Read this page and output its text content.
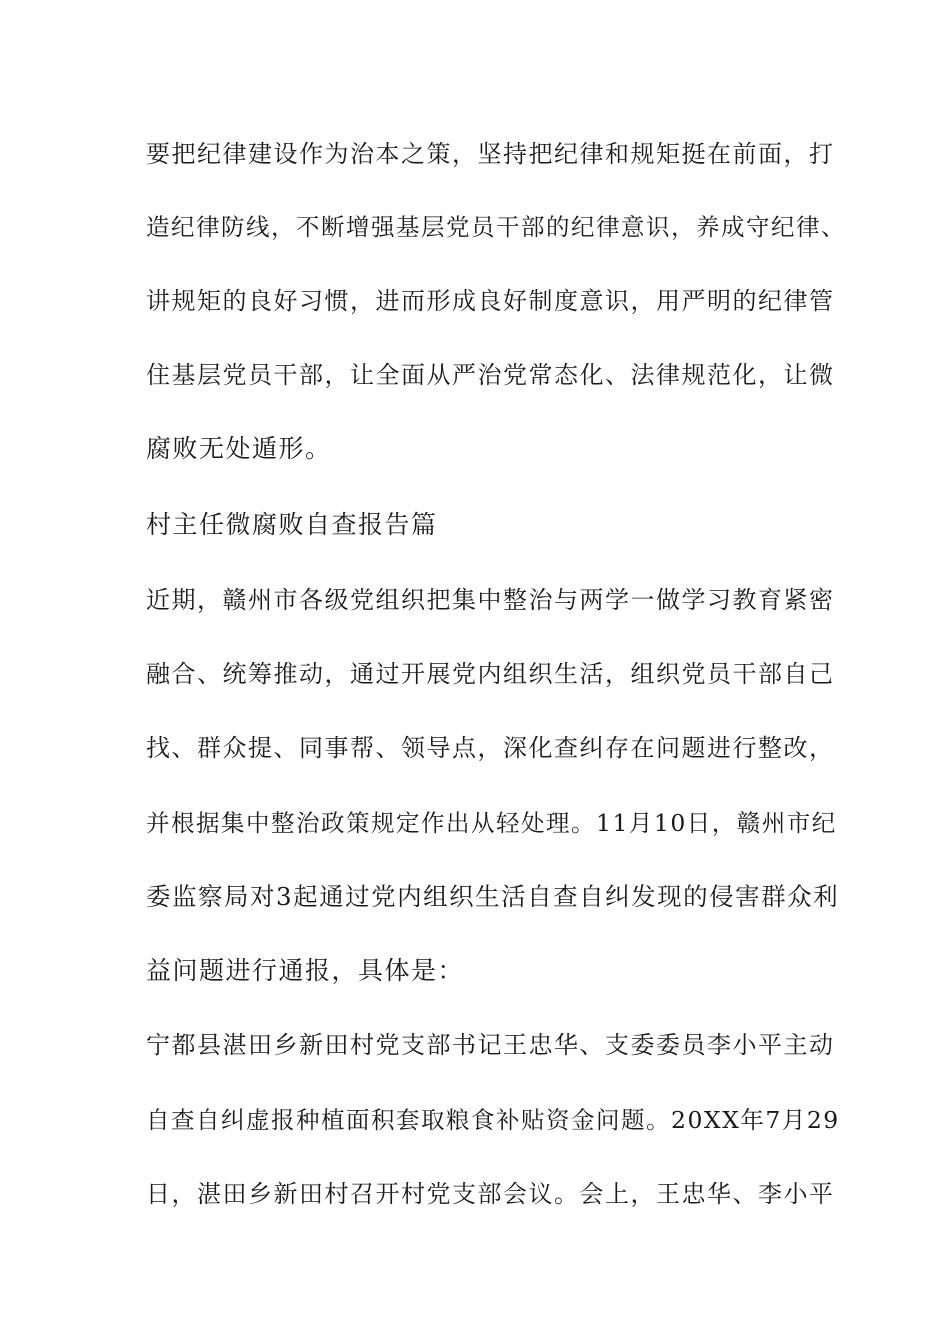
要把纪律建设作为治本之策，坚持把纪律和规矩挺在前面，打
造纪律防线，不断增强基层党员干部的纪律意识，养成守纪律、
讲规矩的良好习惯，进而形成良好制度意识，用严明的纪律管
住基层党员干部，让全面从严治党常态化、法律规范化，让微
腐败无处遁形。
村主任微腐败自查报告篇
近期，赣州市各级党组织把集中整治与两学一做学习教育紧密
融合、统筹推动，通过开展党内组织生活，组织党员干部自己
找、群众提、同事帮、领导点，深化查纠存在问题进行整改，
并根据集中整治政策规定作出从轻处理。11月10日，赣州市纪
委监察局对3起通过党内组织生活自查自纠发现的侵害群众利
益问题进行通报，具体是：
宁都县湛田乡新田村党支部书记王忠华、支委委员李小平主动
自查自纠虚报种植面积套取粮食补贴资金问题。20XX年7月29
日，湛田乡新田村召开村党支部会议。会上，王忠华、李小平
